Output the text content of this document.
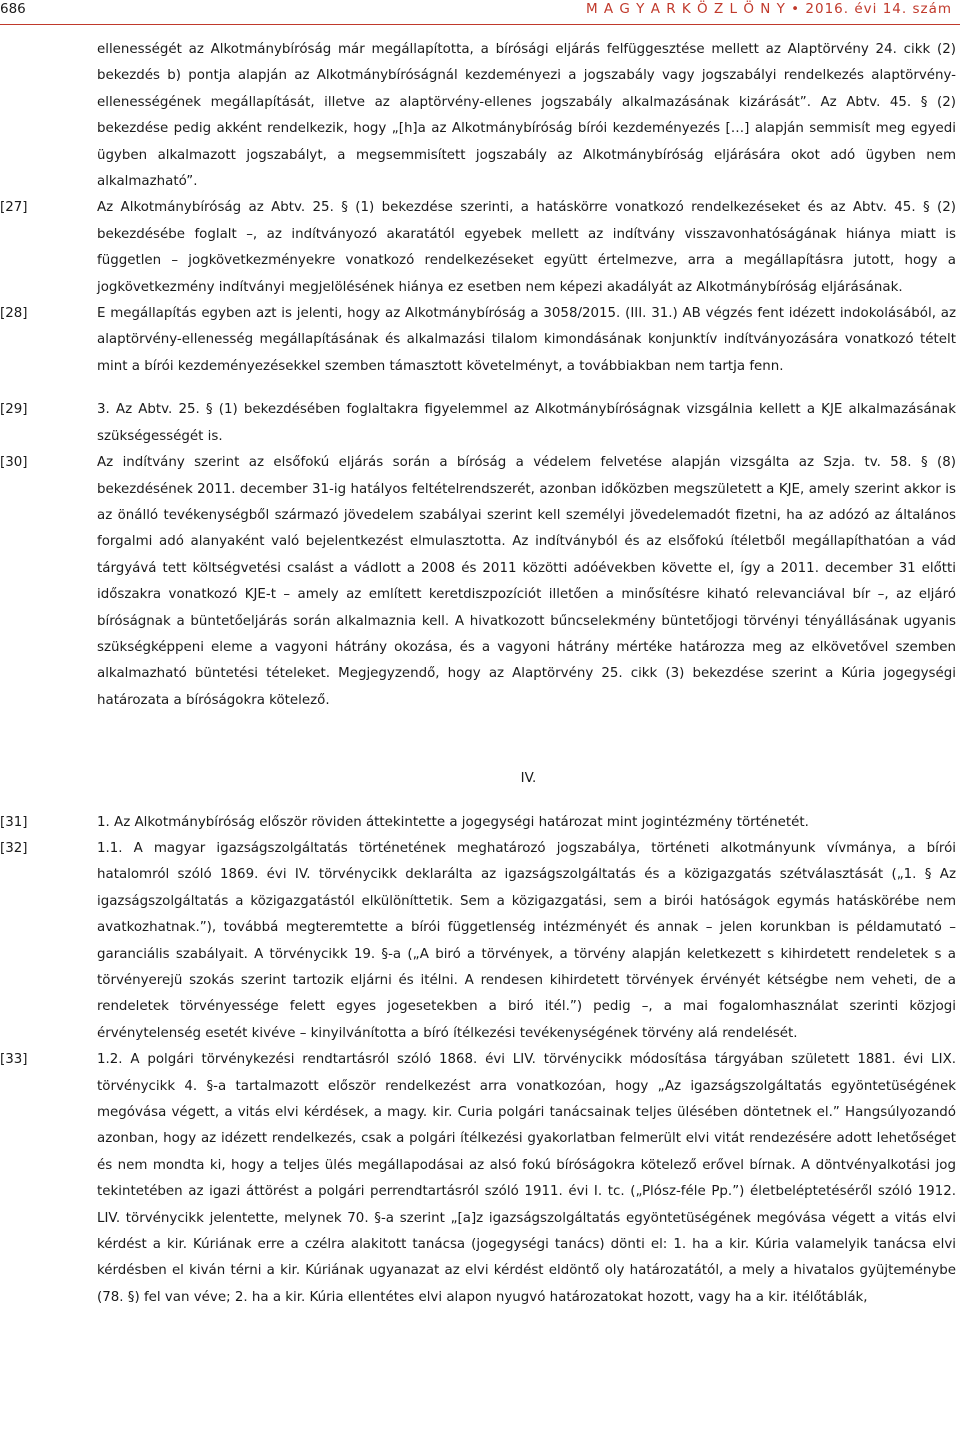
686	M A G Y A R K Ö Z L Ö N Y • 2016. évi 14. szám

ellenességét az Alkotmánybíróság már megállapította, a bírósági eljárás felfüggesztése mellett az Alaptörvény 24. cikk (2) bekezdés b) pontja alapján az Alkotmánybíróságnál kezdeményezi a jogszabály vagy jogszabályi rendelkezés alaptörvény-ellenességének megállapítását, illetve az alaptörvény-ellenes jogszabály alkalmazásának kizárását”. Az Abtv. 45. § (2) bekezdése pedig akként rendelkezik, hogy „[h]a az Alkotmánybíróság bírói kezdeményezés […] alapján semmisít meg egyedi ügyben alkalmazott jogszabályt, a megsemmisített jogszabály az Alkotmánybíróság eljárására okot adó ügyben nem alkalmazható”.

[27]	Az Alkotmánybíróság az Abtv. 25. § (1) bekezdése szerinti, a hatáskörre vonatkozó rendelkezéseket és az Abtv. 45. § (2) bekezdésébe foglalt –, az indítványozó akaratától egyebek mellett az indítvány visszavonhatóságának hiánya miatt is független – jogkövetkezményekre vonatkozó rendelkezéseket együtt értelmezve, arra a megállapításra jutott, hogy a jogkövetkezmény indítványi megjelölésének hiánya ez esetben nem képezi akadályát az Alkotmánybíróság eljárásának.
[28]	E megállapítás egyben azt is jelenti, hogy az Alkotmánybíróság a 3058/2015. (III. 31.) AB végzés fent idézett indokolásából, az alaptörvény-ellenesség megállapításának és alkalmazási tilalom kimondásának konjunktív indítványozására vonatkozó tételt mint a bírói kezdeményezésekkel szemben támasztott követelményt, a továbbiakban nem tartja fenn.
[29]	3. Az Abtv. 25. § (1) bekezdésében foglaltakra figyelemmel az Alkotmánybíróságnak vizsgálnia kellett a KJE alkalmazásának szükségességét is.
[30]	Az indítvány szerint az elsőfokú eljárás során a bíróság a védelem felvetése alapján vizsgálta az Szja. tv. 58. § (8) bekezdésének 2011. december 31-ig hatályos feltételrendszerét, azonban időközben megszületett a KJE, amely szerint akkor is az önálló tevékenységből származó jövedelem szabályai szerint kell személyi jövedelemadót fizetni, ha az adózó az általános forgalmi adó alanyaként való bejelentkezést elmulasztotta. Az indítványból és az elsőfokú ítéletből megállapíthatóan a vád tárgyává tett költségvetési csalást a vádlott a 2008 és 2011 közötti adóévekben követte el, így a 2011. december 31 előtti időszakra vonatkozó KJE-t – amely az említett keretdiszpozíciót illetően a minősítésre kiható relevanciával bír –, az eljáró bíróságnak a büntetőeljárás során alkalmaznia kell. A hivatkozott bűncselekmény büntetőjogi törvényi tényállásának ugyanis szükségképpeni eleme a vagyoni hátrány okozása, és a vagyoni hátrány mértéke határozza meg az elkövetővel szemben alkalmazható büntetési tételeket. Megjegyzendő, hogy az Alaptörvény 25. cikk (3) bekezdése szerint a Kúria jogegységi határozata a bíróságokra kötelező.
IV.
[31]	1. Az Alkotmánybíróság először röviden áttekintette a jogegységi határozat mint jogintézmény történetét.
[32]	1.1. A magyar igazságszolgáltatás történetének meghatározó jogszabálya, történeti alkotmányunk vívmánya, a bírói hatalomról szóló 1869. évi IV. törvénycikk deklarálta az igazságszolgáltatás és a közigazgatás szétválasztását („1. § Az igazságszolgáltatás a közigazgatástól elkülöníttetik. Sem a közigazgatási, sem a birói hatóságok egymás hatáskörébe nem avatkozhatnak.”), továbbá megteremtette a bírói függetlenség intézményét és annak – jelen korunkban is példamutató – garanciális szabályait. A törvénycikk 19. §-a („A biró a törvények, a törvény alapján keletkezett s kihirdetett rendeletek s a törvényerejü szokás szerint tartozik eljárni és itélni. A rendesen kihirdetett törvények érvényét kétségbe nem veheti, de a rendeletek törvényessége felett egyes jogesetekben a biró itél.”) pedig –, a mai fogalomhasználat szerinti közjogi érvénytelenség esetét kivéve – kinyilvánította a bíró ítélkezési tevékenységének törvény alá rendelését.
[33]	1.2. A polgári törvénykezési rendtartásról szóló 1868. évi LIV. törvénycikk módosítása tárgyában született 1881. évi LIX. törvénycikk 4. §-a tartalmazott először rendelkezést arra vonatkozóan, hogy „Az igazságszolgáltatás egyöntetüségének megóvása végett, a vitás elvi kérdések, a magy. kir. Curia polgári tanácsainak teljes ülésében döntetnek el.” Hangsúlyozandó azonban, hogy az idézett rendelkezés, csak a polgári ítélkezési gyakorlatban felmerült elvi vitát rendezésére adott lehetőséget és nem mondta ki, hogy a teljes ülés megállapodásai az alsó fokú bíróságokra kötelező erővel bírnak. A döntvényalkotási jog tekintetében az igazi áttörést a polgári perrendtartásról szóló 1911. évi I. tc. („Plósz-féle Pp.”) életbeléptetéséről szóló 1912. LIV. törvénycikk jelentette, melynek 70. §-a szerint „[a]z igazságszolgáltatás egyöntetüségének megóvása végett a vitás elvi kérdést a kir. Kúriának erre a czélra alakitott tanácsa (jogegységi tanács) dönti el: 1. ha a kir. Kúria valamelyik tanácsa elvi kérdésben el kiván térni a kir. Kúriának ugyanazat az elvi kérdést eldöntő oly határozatától, a mely a hivatalos gyüjteménybe (78. §) fel van véve; 2. ha a kir. Kúria ellentétes elvi alapon nyugvó határozatokat hozott, vagy ha a kir. itélőtáblák,
